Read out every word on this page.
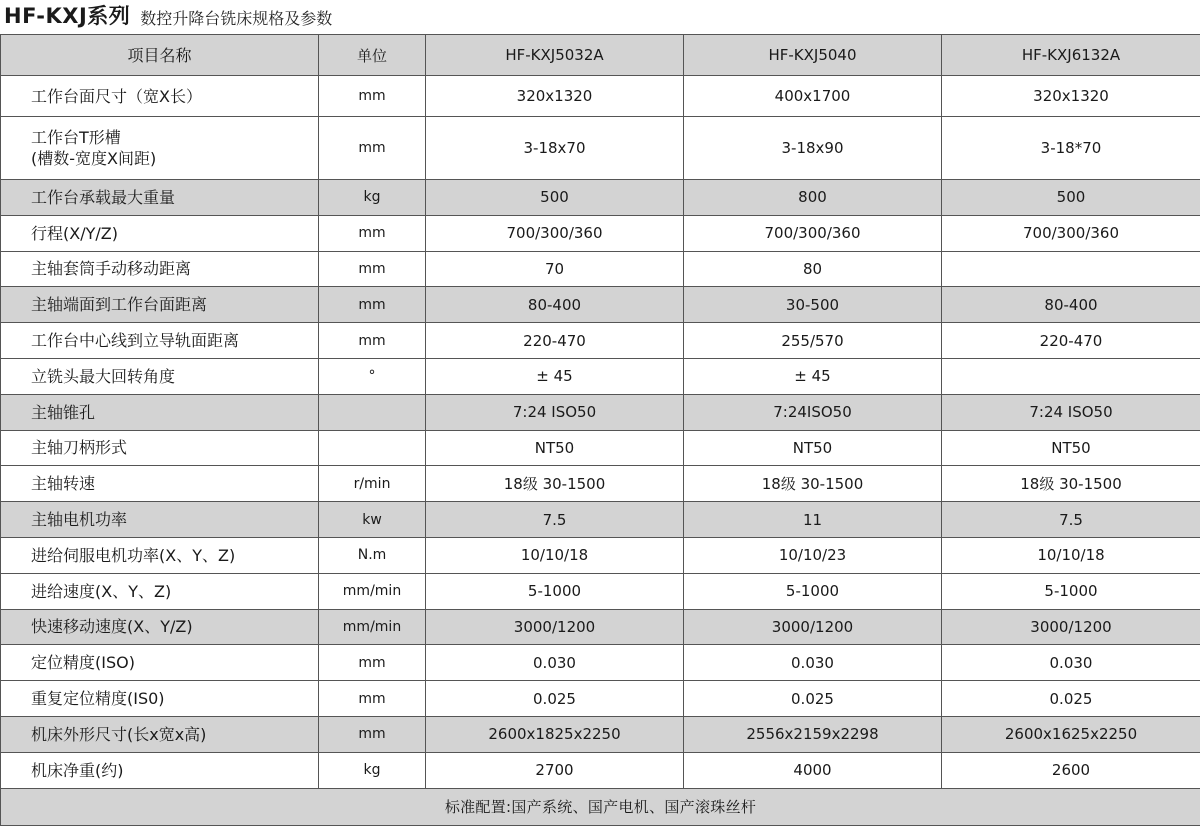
HF-KXJ系列 数控升降台铣床规格及参数
项目名称	单位	HF-KXJ5032A	HF-KXJ5040	HF-KXJ6132A
工作台面尺寸（宽X长）	mm	320x1320	400x1700	320x1320
工作台T形槽
(槽数-宽度X间距)	mm	3-18x70	3-18x90	3-18*70
工作台承载最大重量	kg	500	800	500
行程(X/Y/Z)	mm	700/300/360	700/300/360	700/300/360
主轴套筒手动移动距离	mm	70	80	
主轴端面到工作台面距离	mm	80-400	30-500	80-400
工作台中心线到立导轨面距离	mm	220-470	255/570	220-470
立铣头最大回转角度	°	± 45	± 45	
主轴锥孔		7:24 ISO50	7:24ISO50	7:24 ISO50
主轴刀柄形式		NT50	NT50	NT50
主轴转速	r/min	18级 30-1500	18级 30-1500	18级 30-1500
主轴电机功率	kw	7.5	11	7.5
进给伺服电机功率(X、Y、Z)	N.m	10/10/18	10/10/23	10/10/18
进给速度(X、Y、Z)	mm/min	5-1000	5-1000	5-1000
快速移动速度(X、Y/Z)	mm/min	3000/1200	3000/1200	3000/1200
定位精度(ISO)	mm	0.030	0.030	0.030
重复定位精度(IS0)	mm	0.025	0.025	0.025
机床外形尺寸(长x宽x高)	mm	2600x1825x2250	2556x2159x2298	2600x1625x2250
机床净重(约)	kg	2700	4000	2600
标准配置:国产系统、国产电机、国产滚珠丝杆				
